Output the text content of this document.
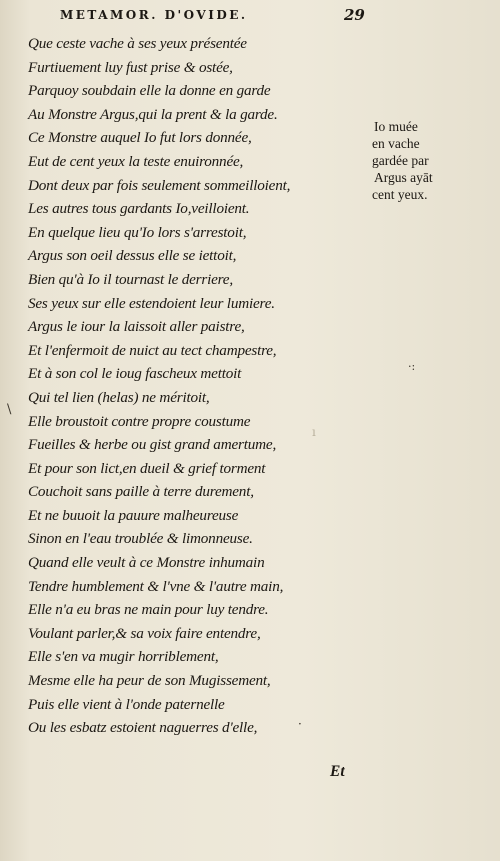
METAMOR. D'OVIDE.	29
Que ceste vache à ses yeux présentée
Furtiuement luy fust prise & ostée,
Parquoy soubdain elle la donne en garde
Au Monstre Argus,qui la prent & la garde.
Ce Monstre auquel Io fut lors donnée,
Eut de cent yeux la teste enuironnée,
Dont deux par fois seulement sommeilloient,
Les autres tous gardants Io,veilloient.
En quelque lieu qu'Io lors s'arrestoit,
Argus son oeil dessus elle se iettoit,
Bien qu'à Io il tournast le derriere,
Ses yeux sur elle estendoient leur lumiere.
Argus le iour la laissoit aller paistre,
Et l'enfermoit de nuict au tect champestre,
Et à son col le ioug fascheux mettoit
Qui tel lien (helas) ne méritoit,
Elle broustoit contre propre coustume
Fueilles & herbe ou gist grand amertume,
Et pour son lict,en dueil & grief torment
Couchoit sans paille à terre durement,
Et ne buuoit la pauure malheureuse
Sinon en l'eau troublée & limonneuse.
Quand elle veult à ce Monstre inhumain
Tendre humblement & l'vne & l'autre main,
Elle n'a eu bras ne main pour luy tendre.
Voulant parler,& sa voix faire entendre,
Elle s'en va mugir horriblement,
Mesme elle ha peur de son Mugissement,
Puis elle vient à l'onde paternelle
Ou les esbatz estoient naguerres d'elle,
Io muée
en vache
gardée par
Argus ayāt
cent yeux.
Et
·:
\
ı
·
